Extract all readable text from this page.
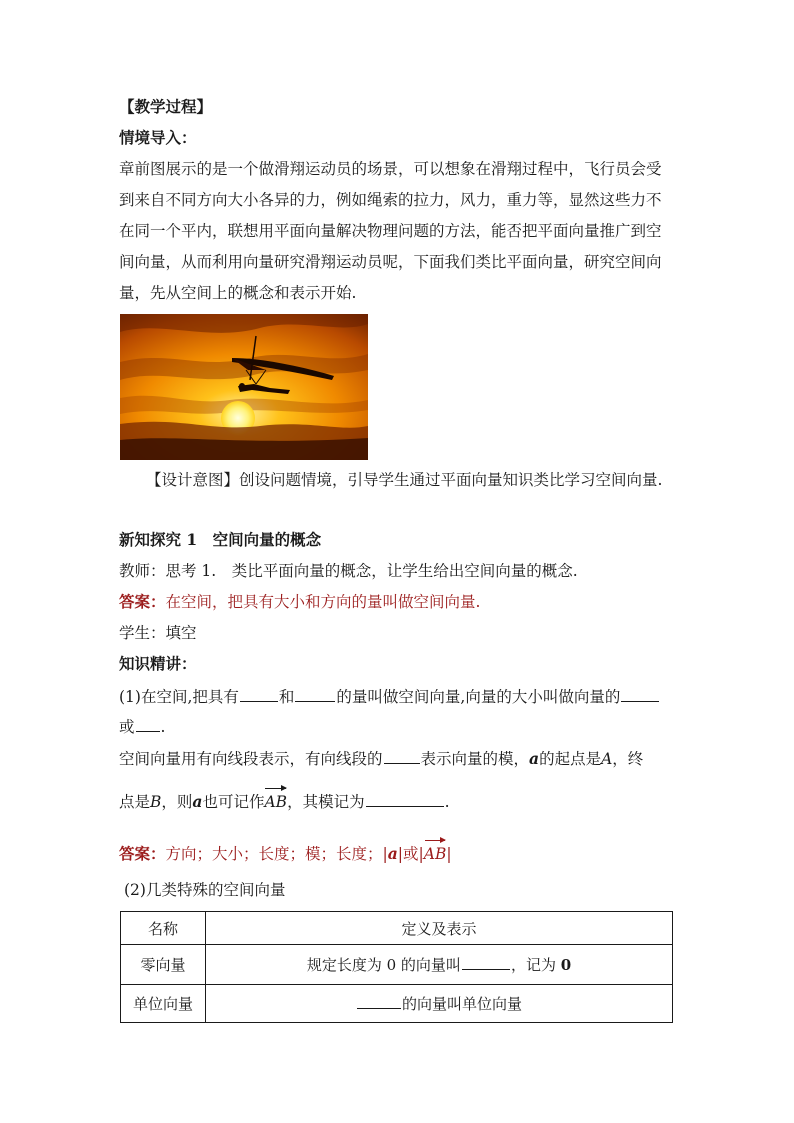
【教学过程】
情境导入：
章前图展示的是一个做滑翔运动员的场景，可以想象在滑翔过程中，飞行员会受
到来自不同方向大小各异的力，例如绳索的拉力，风力，重力等，显然这些力不
在同一个平内，联想用平面向量解决物理问题的方法，能否把平面向量推广到空
间向量，从而利用向量研究滑翔运动员呢，下面我们类比平面向量，研究空间向
量，先从空间上的概念和表示开始.
【设计意图】创设问题情境，引导学生通过平面向量知识类比学习空间向量.
新知探究 1　空间向量的概念
教师：思考 1.　类比平面向量的概念，让学生给出空间向量的概念.
答案：在空间，把具有大小和方向的量叫做空间向量.
学生：填空
知识精讲：
(1)在空间,把具有	和	的量叫做空间向量,向量的大小叫做向量的
或 .
空间向量用有向线段表示，有向线段的 表示向量的模，a的起点是A，终
点是B，则a也可记作AB，其模记为	.
答案：方向；大小；长度；模；长度；|a|或|AB|
(2)几类特殊的空间向量
名称	定义及表示
零向量	规定长度为 0 的向量叫 ，记为 0
单位向量	的向量叫单位向量
